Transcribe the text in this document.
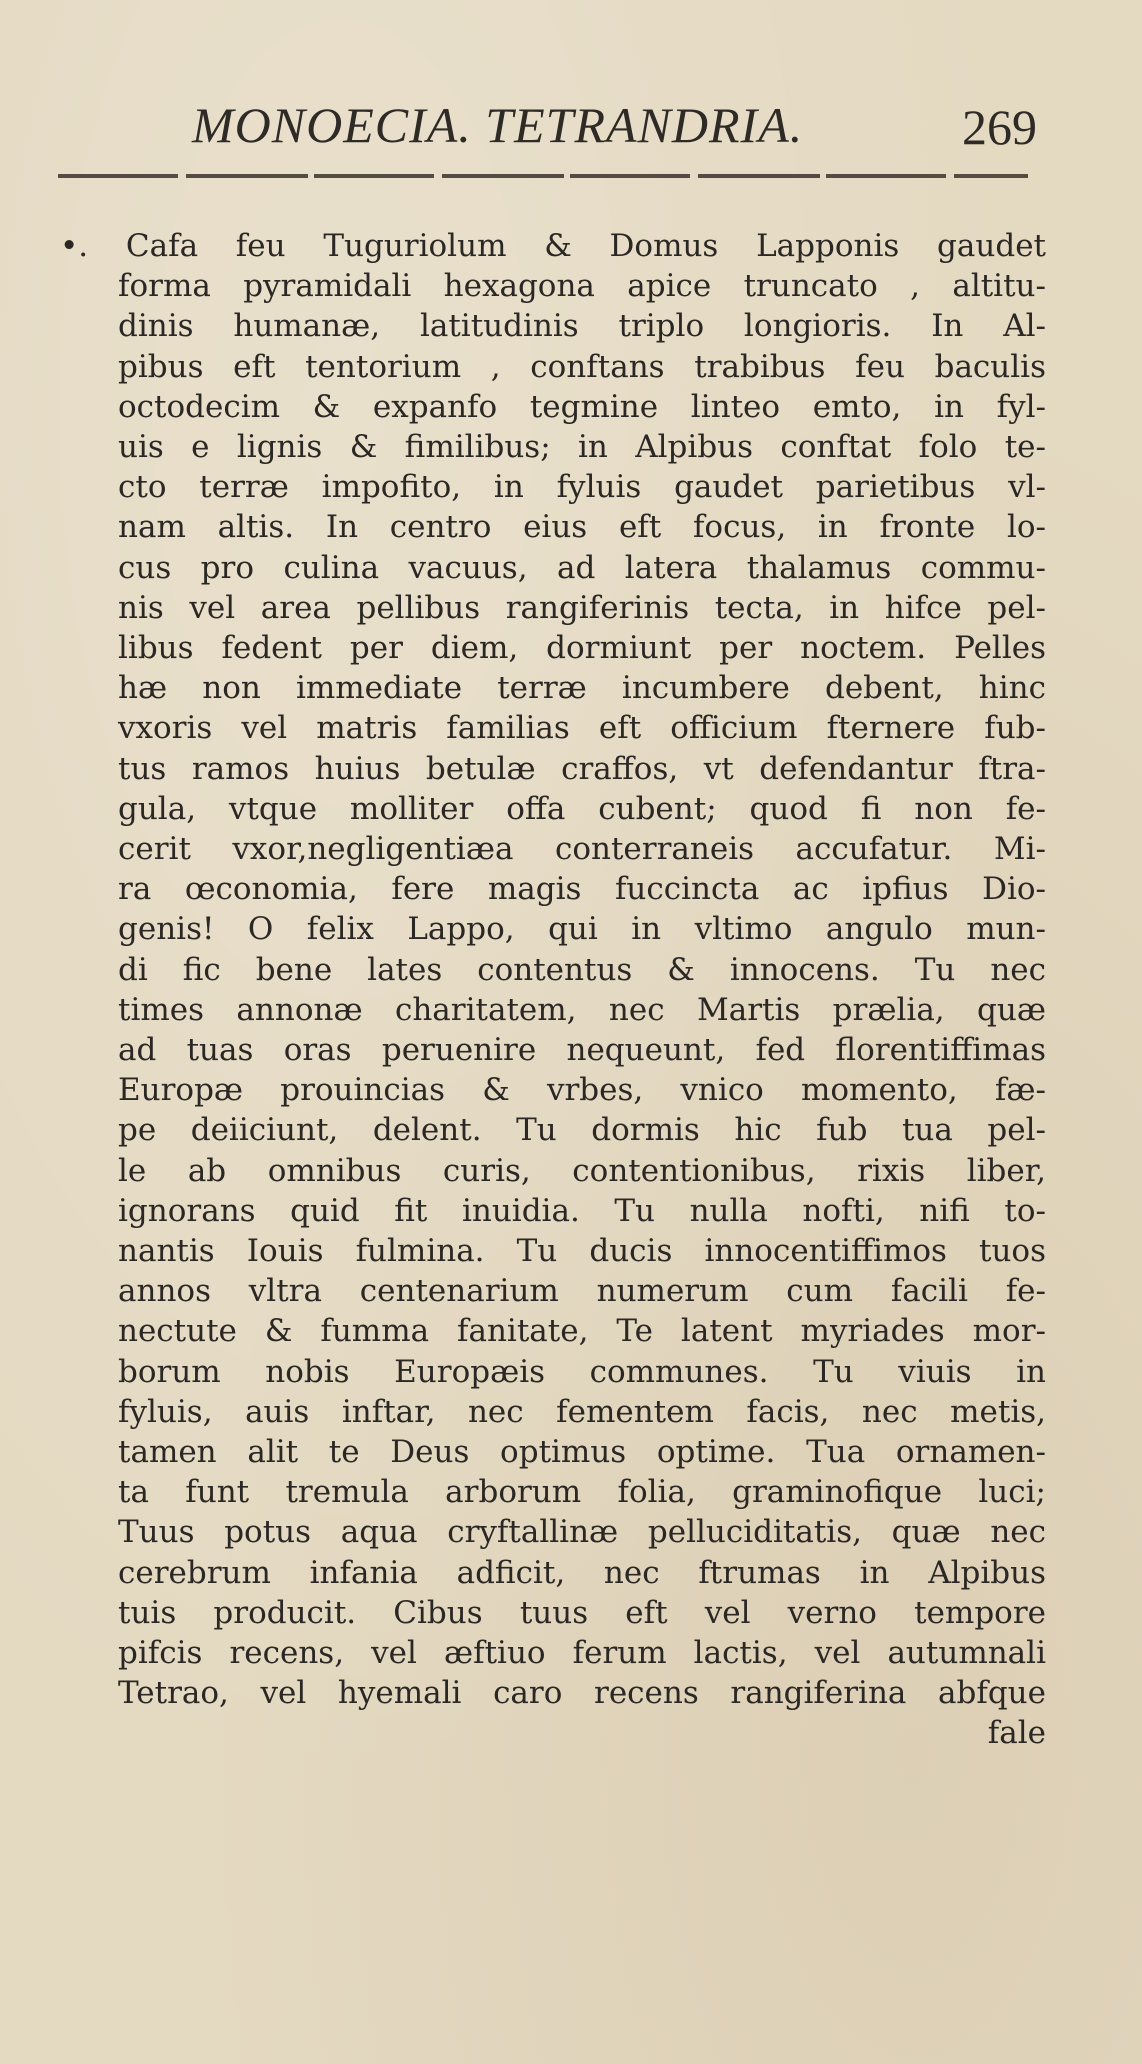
MONOECIA. TETRANDRIA.	269
•. Cafa feu Tuguriolum & Domus Lapponis gaudet
forma pyramidali hexagona apice truncato , altitu-
dinis humanæ, latitudinis triplo longioris. In Al-
pibus eft tentorium , conftans trabibus feu baculis
octodecim & expanfo tegmine linteo emto, in fyl-
uis e lignis & fimilibus; in Alpibus conftat folo te-
cto terræ impofito, in fyluis gaudet parietibus vl-
nam altis. In centro eius eft focus, in fronte lo-
cus pro culina vacuus, ad latera thalamus commu-
nis vel area pellibus rangiferinis tecta, in hifce pel-
libus fedent per diem, dormiunt per noctem. Pelles
hæ non immediate terræ incumbere debent, hinc
vxoris vel matris familias eft officium fternere fub-
tus ramos huius betulæ craffos, vt defendantur ftra-
gula, vtque molliter offa cubent; quod fi non fe-
cerit vxor,negligentiæa conterraneis accufatur. Mi-
ra œconomia, fere magis fuccincta ac ipfius Dio-
genis! O felix Lappo, qui in vltimo angulo mun-
di fic bene lates contentus & innocens. Tu nec
times annonæ charitatem, nec Martis prælia, quæ
ad tuas oras peruenire nequeunt, fed florentiffimas
Europæ prouincias & vrbes, vnico momento, fæ-
pe deiiciunt, delent. Tu dormis hic fub tua pel-
le ab omnibus curis, contentionibus, rixis liber,
ignorans quid fit inuidia. Tu nulla nofti, nifi to-
nantis Iouis fulmina. Tu ducis innocentiffimos tuos
annos vltra centenarium numerum cum facili fe-
nectute & fumma fanitate, Te latent myriades mor-
borum nobis Europæis communes. Tu viuis in
fyluis, auis inftar, nec fementem facis, nec metis,
tamen alit te Deus optimus optime. Tua ornamen-
ta funt tremula arborum folia, graminofique luci;
Tuus potus aqua cryftallinæ pelluciditatis, quæ nec
cerebrum infania adficit, nec ftrumas in Alpibus
tuis producit. Cibus tuus eft vel verno tempore
pifcis recens, vel æftiuo ferum lactis, vel autumnali
Tetrao, vel hyemali caro recens rangiferina abfque
fale
